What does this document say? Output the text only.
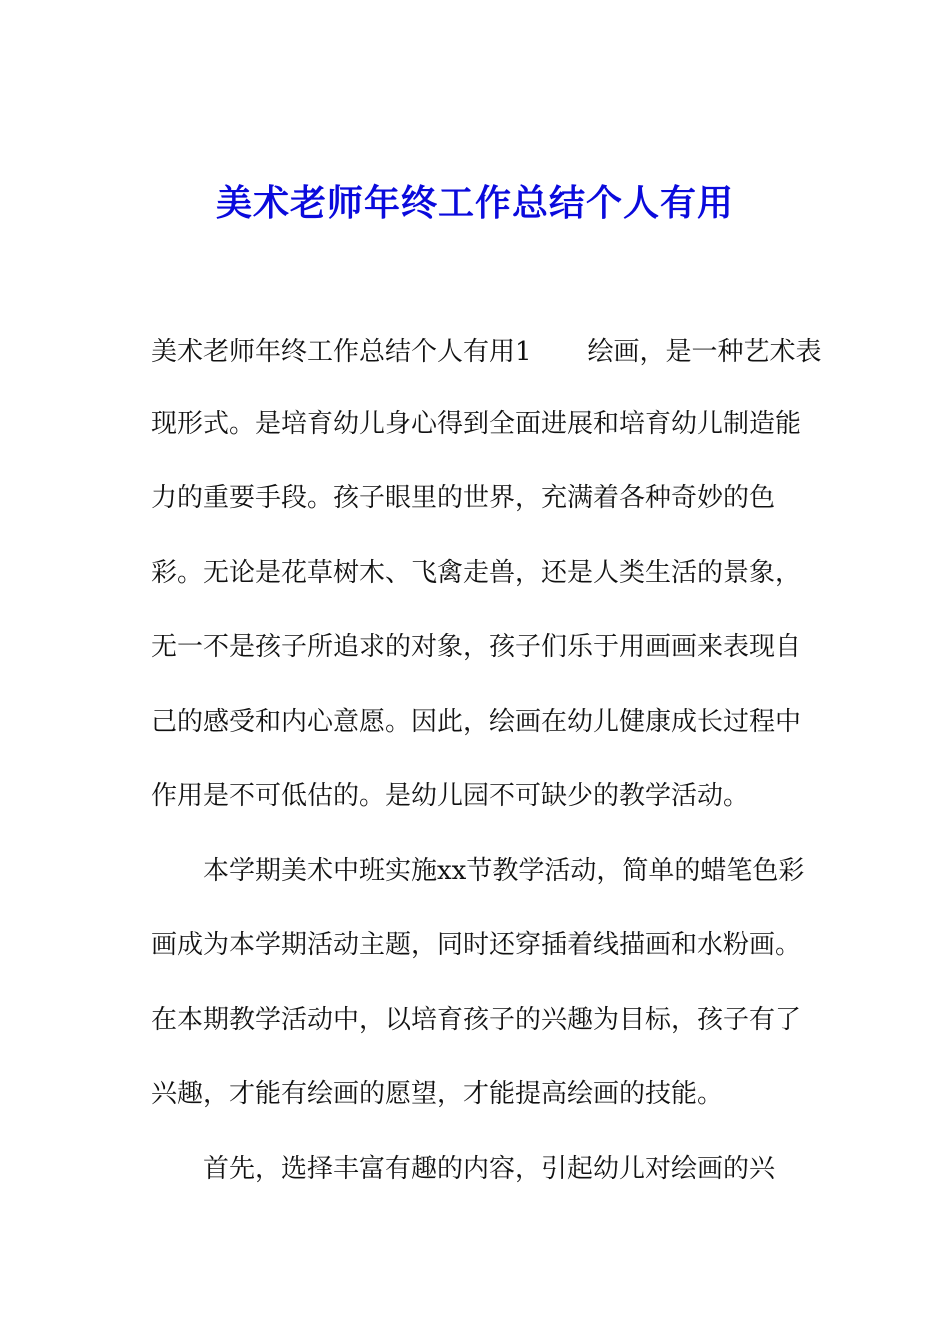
美术老师年终工作总结个人有用
美术老师年终工作总结个人有用1 绘画，是一种艺术表
现形式。是培育幼儿身心得到全面进展和培育幼儿制造能
力的重要手段。孩子眼里的世界，充满着各种奇妙的色
彩。无论是花草树木、飞禽走兽，还是人类生活的景象，
无一不是孩子所追求的对象，孩子们乐于用画画来表现自
己的感受和内心意愿。因此，绘画在幼儿健康成长过程中
作用是不可低估的。是幼儿园不可缺少的教学活动。
本学期美术中班实施xx节教学活动，简单的蜡笔色彩
画成为本学期活动主题，同时还穿插着线描画和水粉画。
在本期教学活动中，以培育孩子的兴趣为目标，孩子有了
兴趣，才能有绘画的愿望，才能提高绘画的技能。
首先，选择丰富有趣的内容，引起幼儿对绘画的兴
